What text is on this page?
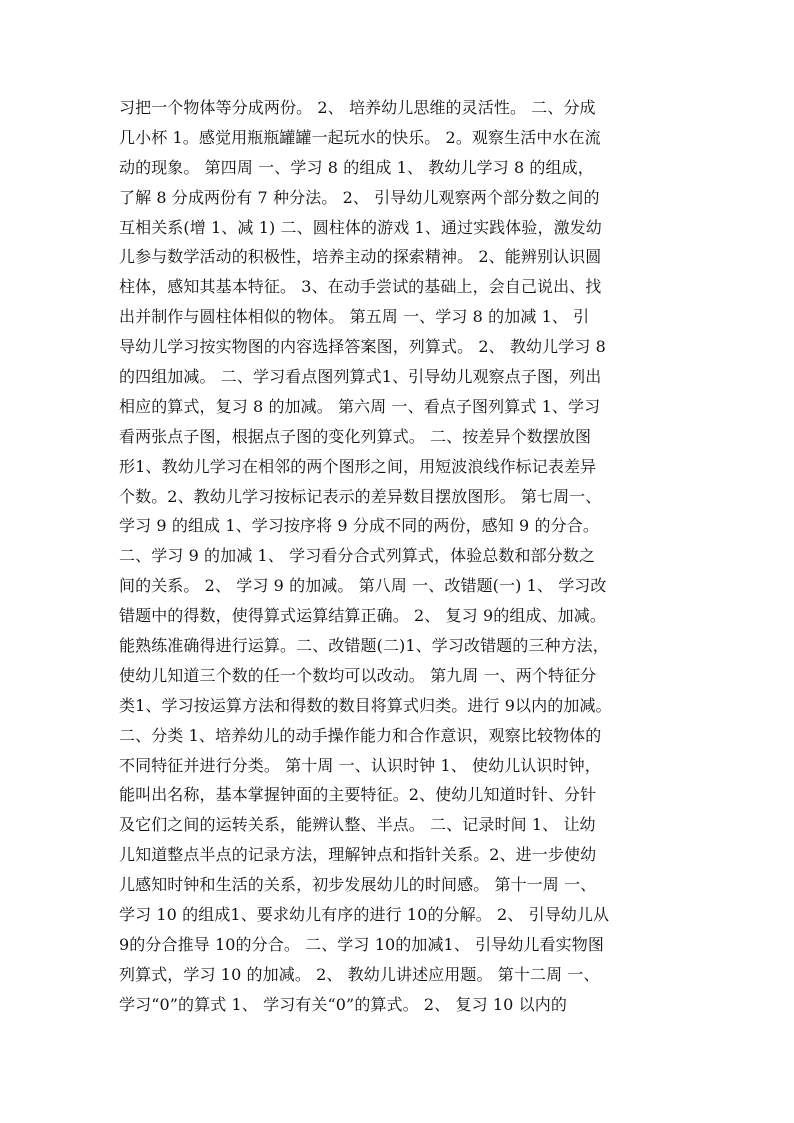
习把一个物体等分成两份。 2、 培养幼儿思维的灵活性。 二、分成
几小杯 1。感觉用瓶瓶罐罐一起玩水的快乐。 2。观察生活中水在流
动的现象。 第四周 一、学习 8 的组成 1、 教幼儿学习 8 的组成，
了解 8 分成两份有 7 种分法。 2、 引导幼儿观察两个部分数之间的
互相关系(增 1、减 1) 二、圆柱体的游戏 1、通过实践体验，激发幼
儿参与数学活动的积极性，培养主动的探索精神。 2、能辨别认识圆
柱体，感知其基本特征。 3、在动手尝试的基础上，会自己说出、找
出并制作与圆柱体相似的物体。 第五周 一、学习 8 的加减 1、 引
导幼儿学习按实物图的内容选择答案图，列算式。 2、 教幼儿学习 8
的四组加减。 二、学习看点图列算式1、引导幼儿观察点子图，列出
相应的算式，复习 8 的加减。 第六周 一、看点子图列算式 1、学习
看两张点子图，根据点子图的变化列算式。 二、按差异个数摆放图
形1、教幼儿学习在相邻的两个图形之间，用短波浪线作标记表差异
个数。2、教幼儿学习按标记表示的差异数目摆放图形。 第七周一、
学习 9 的组成 1、学习按序将 9 分成不同的两份，感知 9 的分合。
二、学习 9 的加减 1、 学习看分合式列算式，体验总数和部分数之
间的关系。 2、 学习 9 的加减。 第八周 一、改错题(一) 1、 学习改
错题中的得数，使得算式运算结算正确。 2、 复习 9的组成、加减。
能熟练准确得进行运算。二、改错题(二)1、学习改错题的三种方法，
使幼儿知道三个数的任一个数均可以改动。 第九周 一、两个特征分
类1、学习按运算方法和得数的数目将算式归类。进行 9以内的加减。
二、分类 1、培养幼儿的动手操作能力和合作意识，观察比较物体的
不同特征并进行分类。 第十周 一、认识时钟 1、 使幼儿认识时钟，
能叫出名称，基本掌握钟面的主要特征。2、使幼儿知道时针、分针
及它们之间的运转关系，能辨认整、半点。 二、记录时间 1、 让幼
儿知道整点半点的记录方法，理解钟点和指针关系。2、进一步使幼
儿感知时钟和生活的关系，初步发展幼儿的时间感。 第十一周 一、
学习 10 的组成1、要求幼儿有序的进行 10的分解。 2、 引导幼儿从
9的分合推导 10的分合。 二、学习 10的加减1、 引导幼儿看实物图
列算式，学习 10 的加减。 2、 教幼儿讲述应用题。 第十二周 一、
学习“0”的算式 1、 学习有关“0”的算式。 2、 复习 10 以内的
